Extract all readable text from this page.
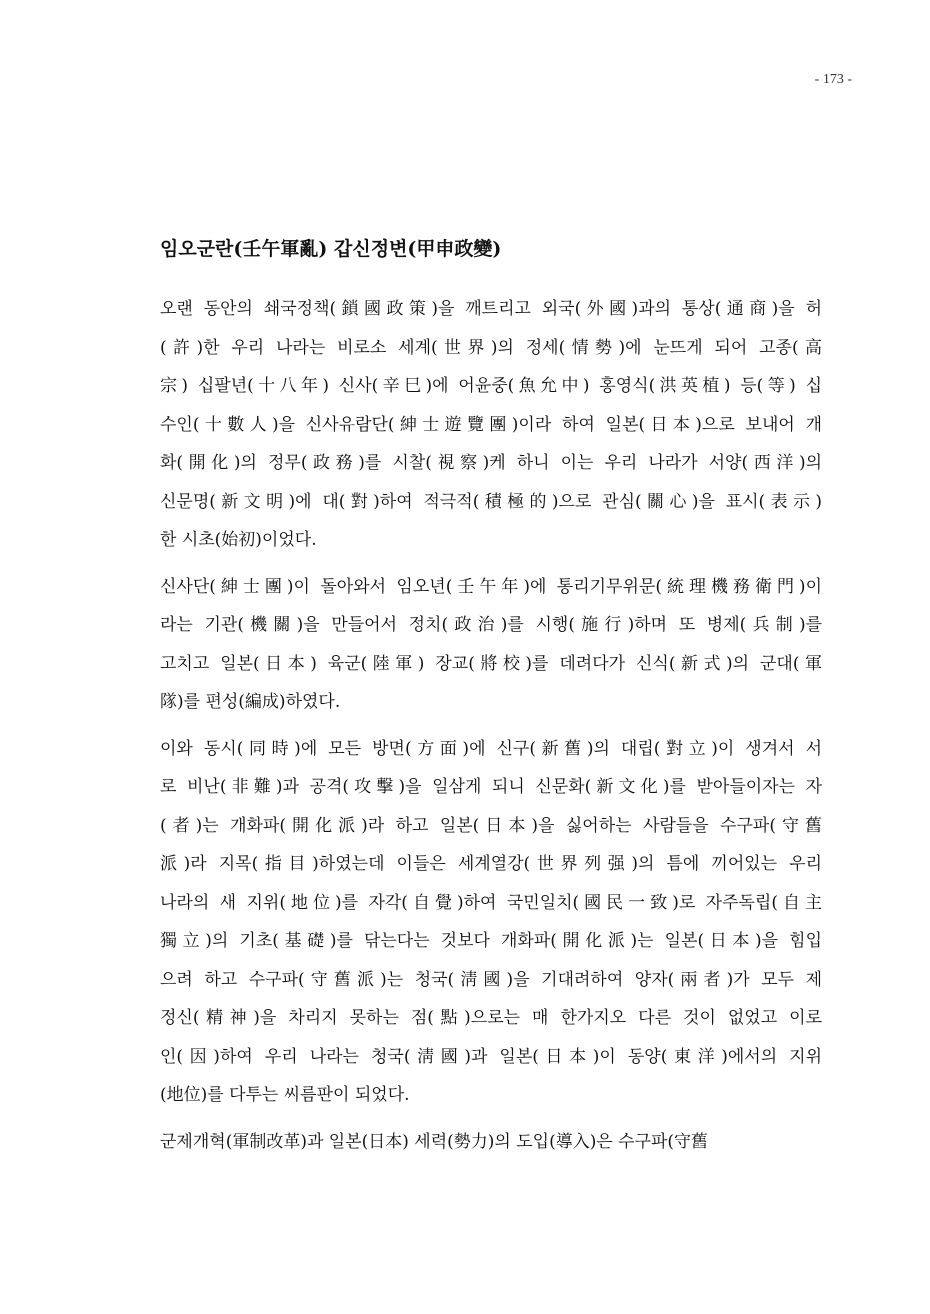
- 173 -
임오군란(壬午軍亂) 갑신정변(甲申政變)
오랜 동안의 쇄국정책(鎖國政策)을 깨트리고 외국(外國)과의 통상(通商)을 허
(許)한 우리 나라는 비로소 세계(世界)의 정세(情勢)에 눈뜨게 되어 고종(高
宗) 십팔년(十八年) 신사(辛巳)에 어윤중(魚允中) 홍영식(洪英植) 등(等) 십
수인(十數人)을 신사유람단(紳士遊覽團)이라 하여 일본(日本)으로 보내어 개
화(開化)의 정무(政務)를 시찰(視察)케 하니 이는 우리 나라가 서양(西洋)의
신문명(新文明)에 대(對)하여 적극적(積極的)으로 관심(關心)을 표시(表示)
한 시초(始初)이었다.
신사단(紳士團)이 돌아와서 임오년(壬午年)에 통리기무위문(統理機務衛門)이
라는 기관(機關)을 만들어서 정치(政治)를 시행(施行)하며 또 병제(兵制)를
고치고 일본(日本) 육군(陸軍) 장교(將校)를 데려다가 신식(新式)의 군대(軍
隊)를 편성(編成)하였다.
이와 동시(同時)에 모든 방면(方面)에 신구(新舊)의 대립(對立)이 생겨서 서
로 비난(非難)과 공격(攻擊)을 일삼게 되니 신문화(新文化)를 받아들이자는 자
(者)는 개화파(開化派)라 하고 일본(日本)을 싫어하는 사람들을 수구파(守舊
派)라 지목(指目)하였는데 이들은 세계열강(世界列强)의 틈에 끼어있는 우리
나라의 새 지위(地位)를 자각(自覺)하여 국민일치(國民一致)로 자주독립(自主
獨立)의 기초(基礎)를 닦는다는 것보다 개화파(開化派)는 일본(日本)을 힘입
으려 하고 수구파(守舊派)는 청국(淸國)을 기대려하여 양자(兩者)가 모두 제
정신(精神)을 차리지 못하는 점(點)으로는 매 한가지오 다른 것이 없었고 이로
인(因)하여 우리 나라는 청국(淸國)과 일본(日本)이 동양(東洋)에서의 지위
(地位)를 다투는 씨름판이 되었다.
군제개혁(軍制改革)과 일본(日本) 세력(勢力)의 도입(導入)은 수구파(守舊
